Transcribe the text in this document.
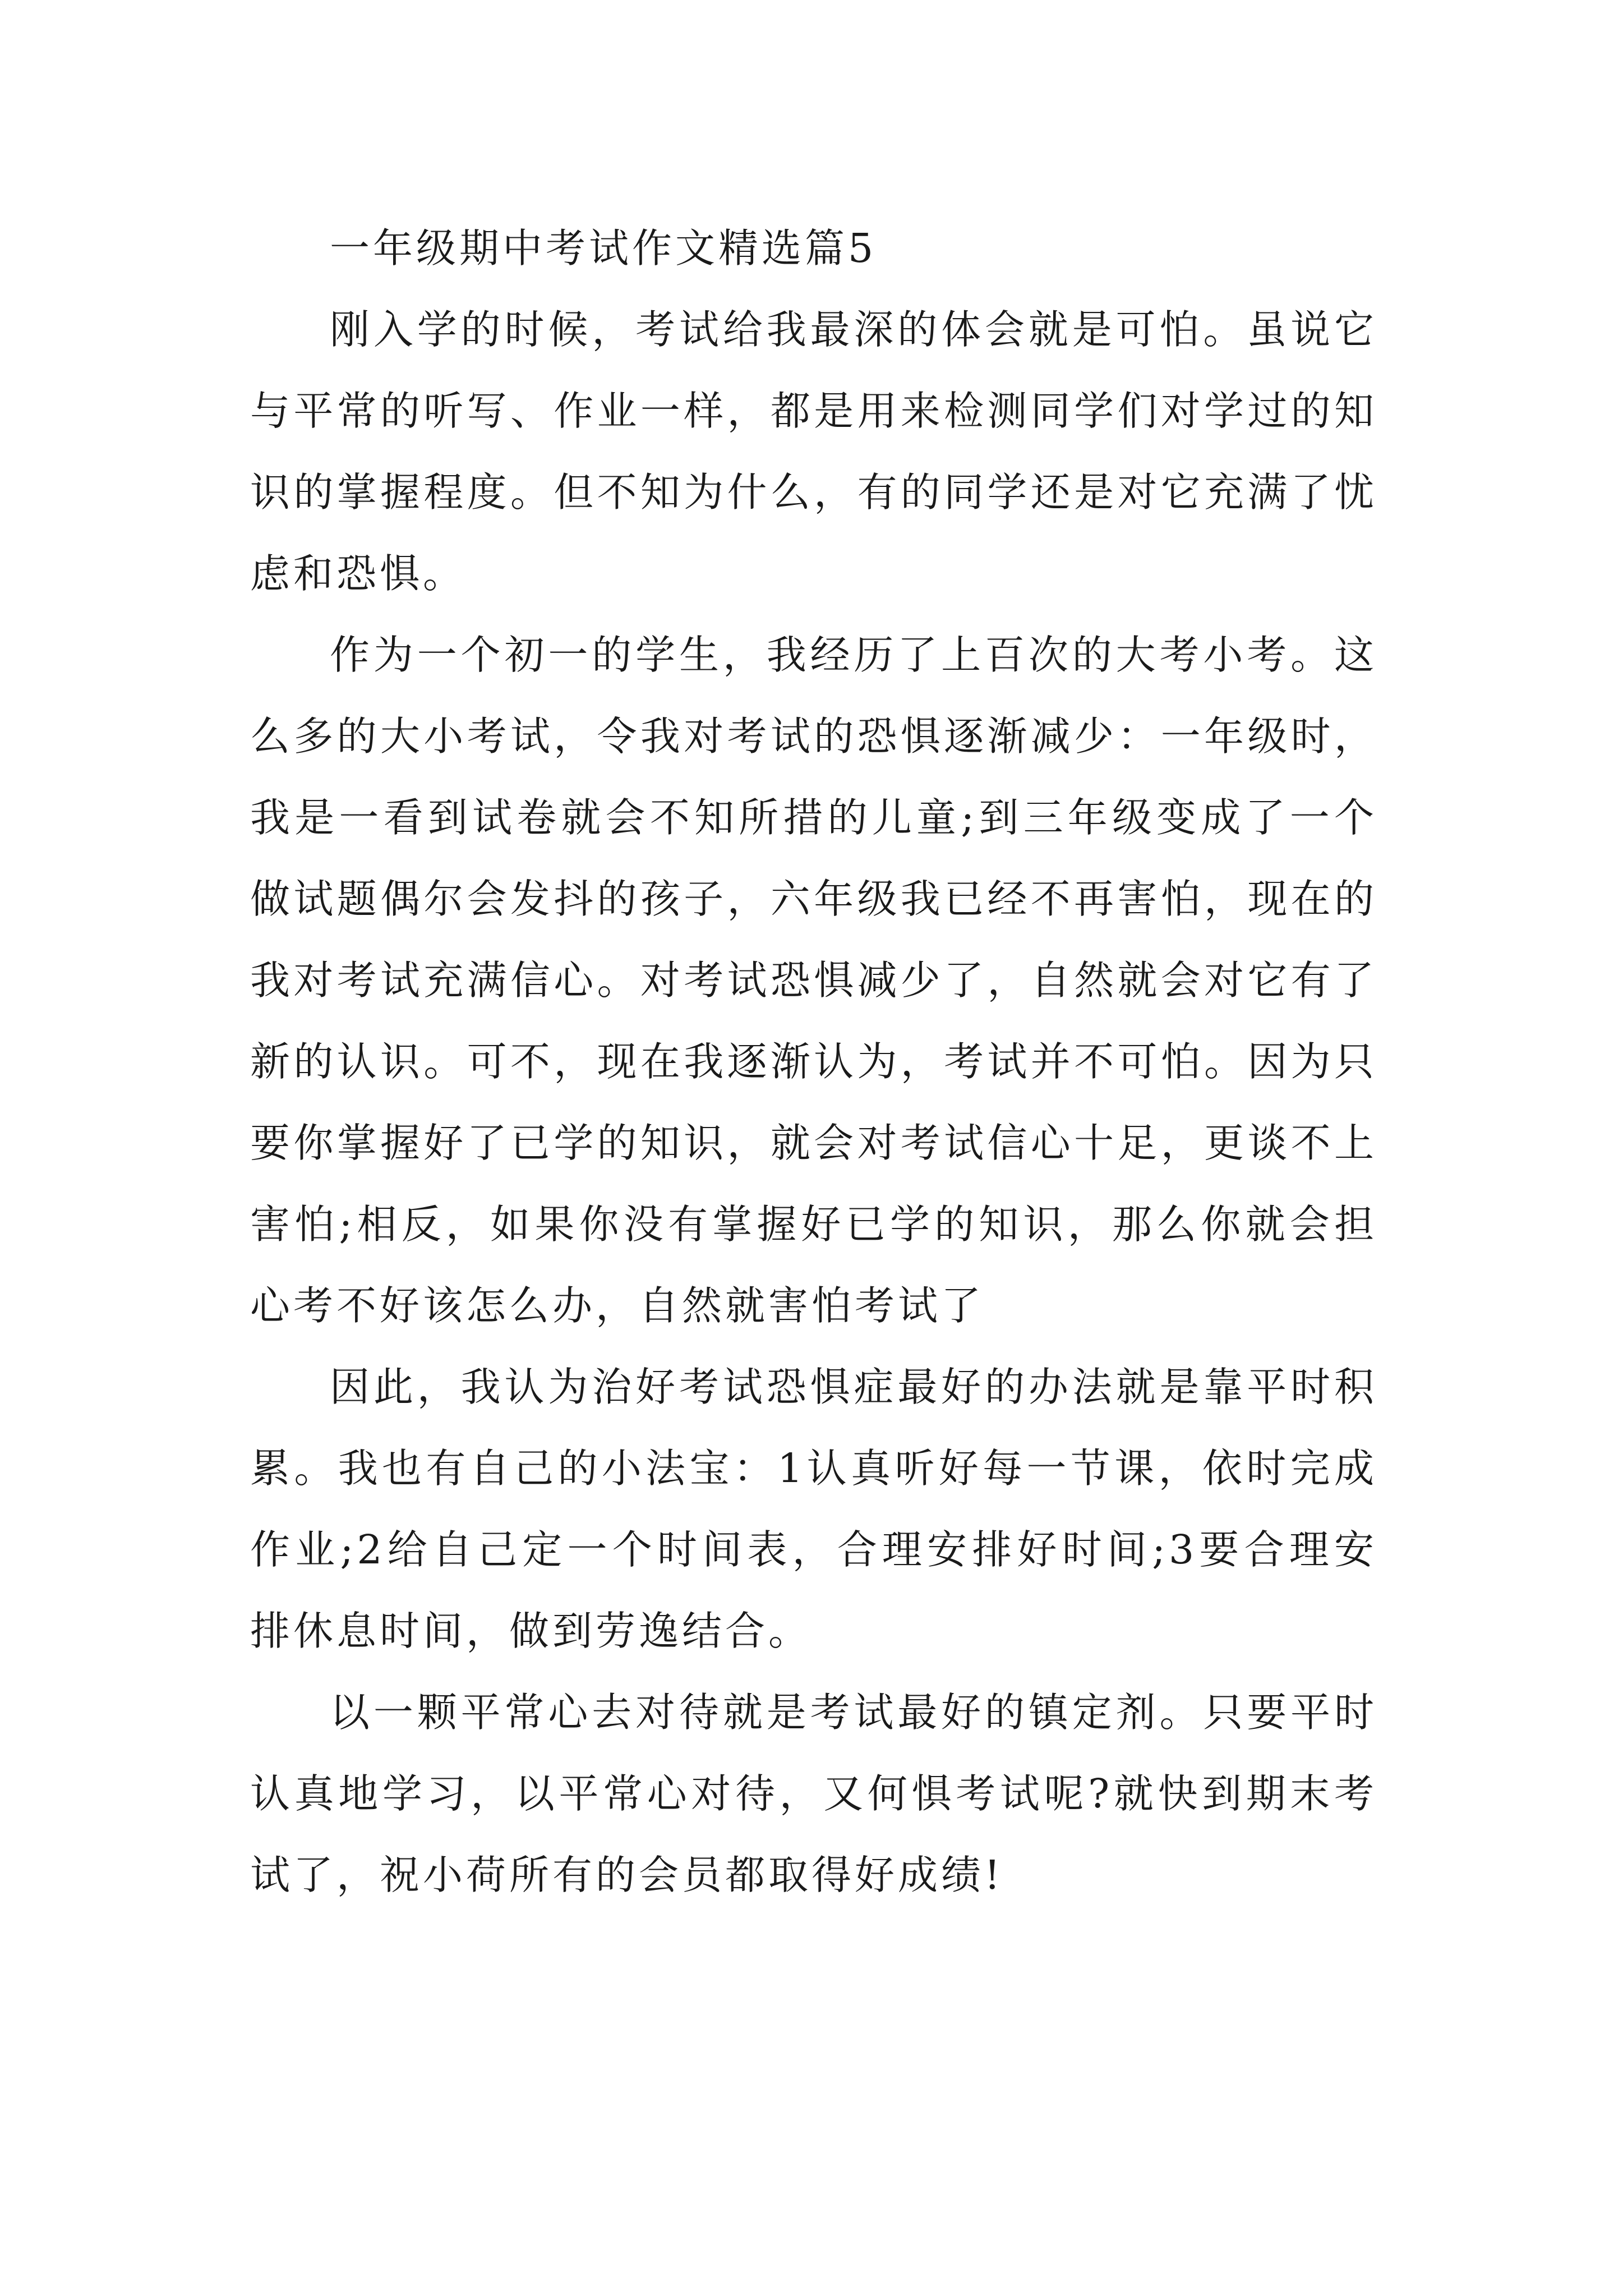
一年级期中考试作文精选篇5

刚入学的时候，考试给我最深的体会就是可怕。虽说它与平常的听写、作业一样，都是用来检测同学们对学过的知识的掌握程度。但不知为什么，有的同学还是对它充满了忧虑和恐惧。

作为一个初一的学生，我经历了上百次的大考小考。这么多的大小考试，令我对考试的恐惧逐渐减少：一年级时，我是一看到试卷就会不知所措的儿童;到三年级变成了一个做试题偶尔会发抖的孩子，六年级我已经不再害怕，现在的我对考试充满信心。对考试恐惧减少了，自然就会对它有了新的认识。可不，现在我逐渐认为，考试并不可怕。因为只要你掌握好了已学的知识，就会对考试信心十足，更谈不上害怕;相反，如果你没有掌握好已学的知识，那么你就会担心考不好该怎么办，自然就害怕考试了

因此，我认为治好考试恐惧症最好的办法就是靠平时积累。我也有自己的小法宝：1认真听好每一节课，依时完成作业;2给自己定一个时间表，合理安排好时间;3要合理安排休息时间，做到劳逸结合。

以一颗平常心去对待就是考试最好的镇定剂。只要平时认真地学习，以平常心对待，又何惧考试呢?就快到期末考试了，祝小荷所有的会员都取得好成绩!
